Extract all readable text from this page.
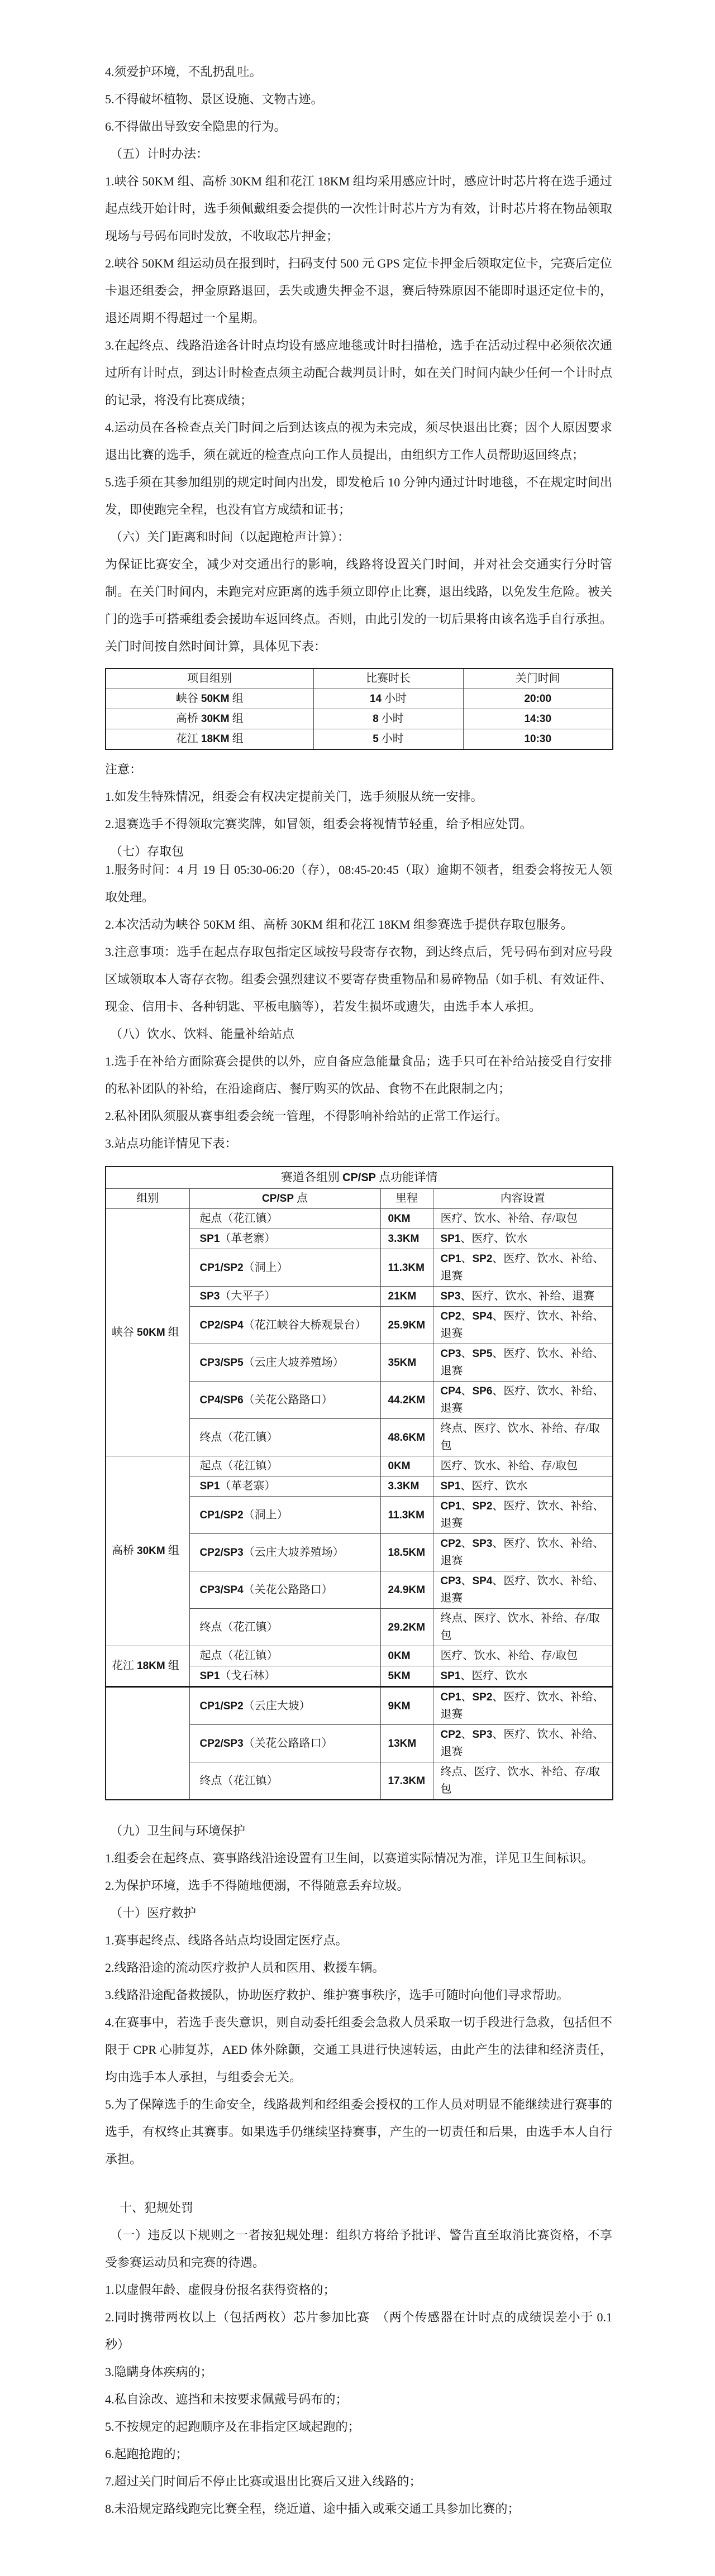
4.须爱护环境，不乱扔乱吐。

5.不得破坏植物、景区设施、文物古迹。

6.不得做出导致安全隐患的行为。

（五）计时办法：

1.峡谷 50KM 组、高桥 30KM 组和花江 18KM 组均采用感应计时，感应计时芯片将在选手通过起点线开始计时，选手须佩戴组委会提供的一次性计时芯片方为有效，计时芯片将在物品领取现场与号码布同时发放，不收取芯片押金；

2.峡谷 50KM 组运动员在报到时，扫码支付 500 元 GPS 定位卡押金后领取定位卡，完赛后定位卡退还组委会，押金原路退回，丢失或遗失押金不退，赛后特殊原因不能即时退还定位卡的，退还周期不得超过一个星期。

3.在起终点、线路沿途各计时点均设有感应地毯或计时扫描枪，选手在活动过程中必须依次通过所有计时点，到达计时检查点须主动配合裁判员计时，如在关门时间内缺少任何一个计时点的记录，将没有比赛成绩；

4.运动员在各检查点关门时间之后到达该点的视为未完成，须尽快退出比赛；因个人原因要求退出比赛的选手，须在就近的检查点向工作人员提出，由组织方工作人员帮助返回终点；

5.选手须在其参加组别的规定时间内出发，即发枪后 10 分钟内通过计时地毯，不在规定时间出发，即使跑完全程，也没有官方成绩和证书；

（六）关门距离和时间（以起跑枪声计算）：

为保证比赛安全，减少对交通出行的影响，线路将设置关门时间，并对社会交通实行分时管制。在关门时间内，未跑完对应距离的选手须立即停止比赛，退出线路，以免发生危险。被关门的选手可搭乘组委会援助车返回终点。否则，由此引发的一切后果将由该名选手自行承担。关门时间按自然时间计算，具体见下表：

项目组别	比赛时长	关门时间
峡谷 50KM 组	14 小时	20:00
高桥 30KM 组	8 小时	14:30
花江 18KM 组	5 小时	10:30

注意：

1.如发生特殊情况，组委会有权决定提前关门，选手须服从统一安排。

2.退赛选手不得领取完赛奖牌，如冒领，组委会将视情节轻重，给予相应处罚。

（七）存取包

1.服务时间：4 月 19 日 05:30-06:20（存），08:45-20:45（取）逾期不领者，组委会将按无人领取处理。

2.本次活动为峡谷 50KM 组、高桥 30KM 组和花江 18KM 组参赛选手提供存取包服务。

3.注意事项：选手在起点存取包指定区域按号段寄存衣物，到达终点后，凭号码布到对应号段区域领取本人寄存衣物。组委会强烈建议不要寄存贵重物品和易碎物品（如手机、有效证件、现金、信用卡、各种钥匙、平板电脑等），若发生损坏或遗失，由选手本人承担。

（八）饮水、饮料、能量补给站点

1.选手在补给方面除赛会提供的以外，应自备应急能量食品；选手只可在补给站接受自行安排的私补团队的补给，在沿途商店、餐厅购买的饮品、食物不在此限制之内；

2.私补团队须服从赛事组委会统一管理，不得影响补给站的正常工作运行。

3.站点功能详情见下表：

赛道各组别 CP/SP 点功能详情			
组别	CP/SP 点	里程	内容设置
峡谷 50KM 组	起点（花江镇）	0KM	医疗、饮水、补给、存/取包
	SP1（革老寨）	3.3KM	SP1、医疗、饮水
	CP1/SP2（洞上）	11.3KM	CP1、SP2、医疗、饮水、补给、退赛
	SP3（大平子）	21KM	SP3、医疗、饮水、补给、退赛
	CP2/SP4（花江峡谷大桥观景台）	25.9KM	CP2、SP4、医疗、饮水、补给、退赛
	CP3/SP5（云庄大坡养殖场）	35KM	CP3、SP5、医疗、饮水、补给、退赛
	CP4/SP6（关花公路路口）	44.2KM	CP4、SP6、医疗、饮水、补给、退赛
	终点（花江镇）	48.6KM	终点、医疗、饮水、补给、存/取包
高桥 30KM 组	起点（花江镇）	0KM	医疗、饮水、补给、存/取包
	SP1（革老寨）	3.3KM	SP1、医疗、饮水
	CP1/SP2（洞上）	11.3KM	CP1、SP2、医疗、饮水、补给、退赛
	CP2/SP3（云庄大坡养殖场）	18.5KM	CP2、SP3、医疗、饮水、补给、退赛
	CP3/SP4（关花公路路口）	24.9KM	CP3、SP4、医疗、饮水、补给、退赛
	终点（花江镇）	29.2KM	终点、医疗、饮水、补给、存/取包
花江 18KM 组	起点（花江镇）	0KM	医疗、饮水、补给、存/取包
	SP1（戈石林）	5KM	SP1、医疗、饮水
	CP1/SP2（云庄大坡）	9KM	CP1、SP2、医疗、饮水、补给、退赛
	CP2/SP3（关花公路路口）	13KM	CP2、SP3、医疗、饮水、补给、退赛
	终点（花江镇）	17.3KM	终点、医疗、饮水、补给、存/取包

（九）卫生间与环境保护

1.组委会在起终点、赛事路线沿途设置有卫生间，以赛道实际情况为准，详见卫生间标识。

2.为保护环境，选手不得随地便溺，不得随意丢弃垃圾。

（十）医疗救护

1.赛事起终点、线路各站点均设固定医疗点。

2.线路沿途的流动医疗救护人员和医用、救援车辆。

3.线路沿途配备救援队，协助医疗救护、维护赛事秩序，选手可随时向他们寻求帮助。

4.在赛事中，若选手丧失意识，则自动委托组委会急救人员采取一切手段进行急救，包括但不限于 CPR 心肺复苏，AED 体外除颤，交通工具进行快速转运，由此产生的法律和经济责任，均由选手本人承担，与组委会无关。

5.为了保障选手的生命安全，线路裁判和经组委会授权的工作人员对明显不能继续进行赛事的选手，有权终止其赛事。如果选手仍继续坚持赛事，产生的一切责任和后果，由选手本人自行承担。

十、犯规处罚

（一）违反以下规则之一者按犯规处理：组织方将给予批评、警告直至取消比赛资格，不享受参赛运动员和完赛的待遇。

1.以虚假年龄、虚假身份报名获得资格的；

2.同时携带两枚以上（包括两枚）芯片参加比赛　（两个传感器在计时点的成绩误差小于 0.1 秒）

3.隐瞒身体疾病的；

4.私自涂改、遮挡和未按要求佩戴号码布的；

5.不按规定的起跑顺序及在非指定区域起跑的；

6.起跑抢跑的；

7.超过关门时间后不停止比赛或退出比赛后又进入线路的；

8.未沿规定路线跑完比赛全程，绕近道、途中插入或乘交通工具参加比赛的；
